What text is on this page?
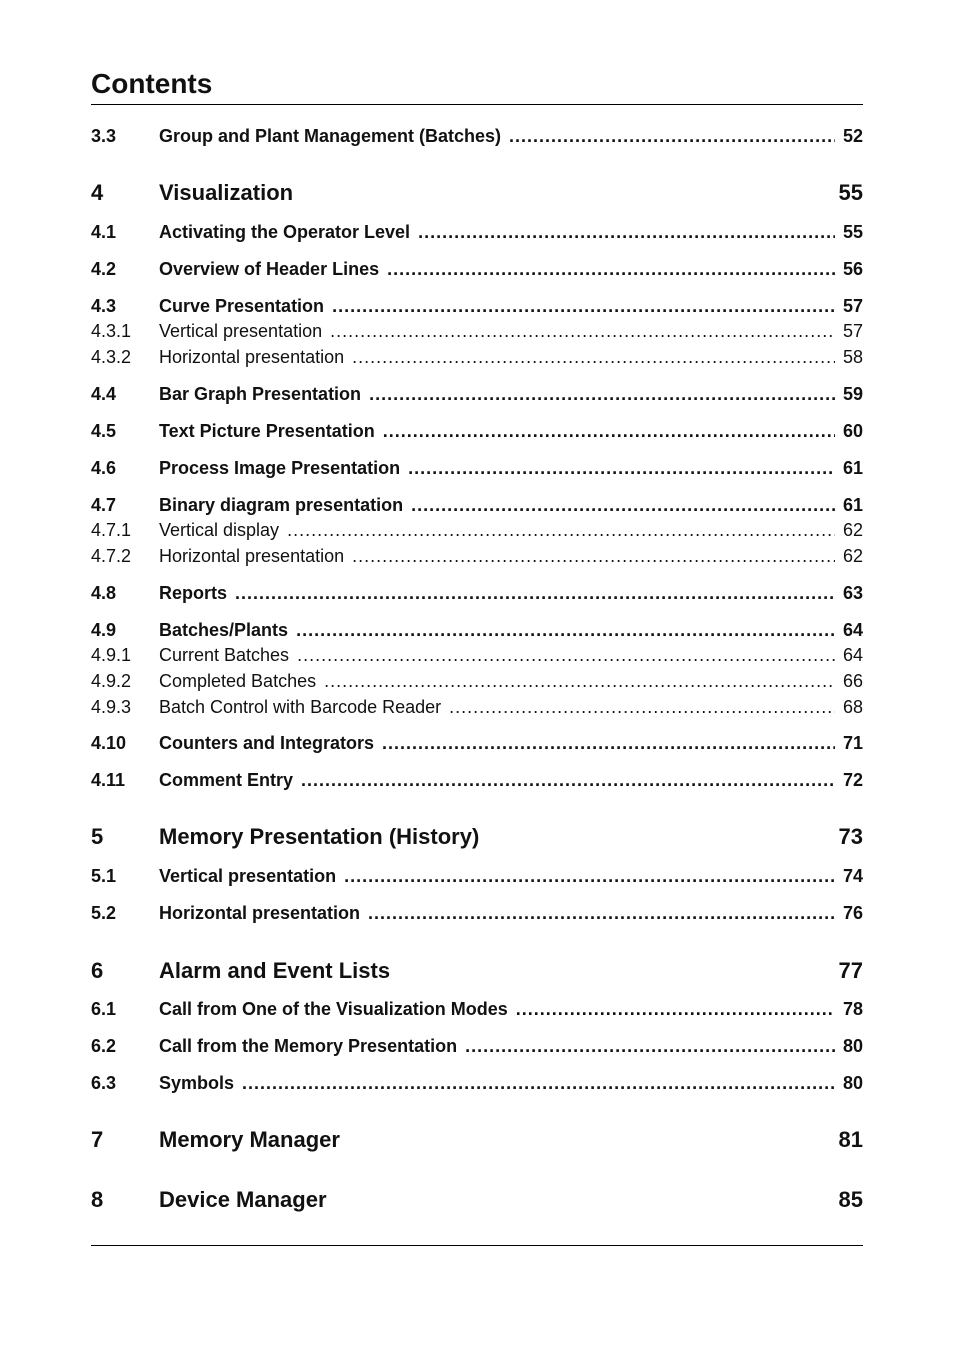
Contents
3.3	Group and Plant Management (Batches) .....	52
4	Visualization	55
4.1	Activating the Operator Level .....	55
4.2	Overview of Header Lines .....	56
4.3	Curve Presentation .....	57
4.3.1	Vertical presentation .....	57
4.3.2	Horizontal presentation .....	58
4.4	Bar Graph Presentation .....	59
4.5	Text Picture Presentation .....	60
4.6	Process Image Presentation .....	61
4.7	Binary diagram presentation .....	61
4.7.1	Vertical display .....	62
4.7.2	Horizontal presentation .....	62
4.8	Reports .....	63
4.9	Batches/Plants .....	64
4.9.1	Current Batches .....	64
4.9.2	Completed Batches .....	66
4.9.3	Batch Control with Barcode Reader .....	68
4.10	Counters and Integrators .....	71
4.11	Comment Entry .....	72
5	Memory Presentation (History)	73
5.1	Vertical presentation .....	74
5.2	Horizontal presentation .....	76
6	Alarm and Event Lists	77
6.1	Call from One of the Visualization Modes .....	78
6.2	Call from the Memory Presentation .....	80
6.3	Symbols .....	80
7	Memory Manager	81
8	Device Manager	85
